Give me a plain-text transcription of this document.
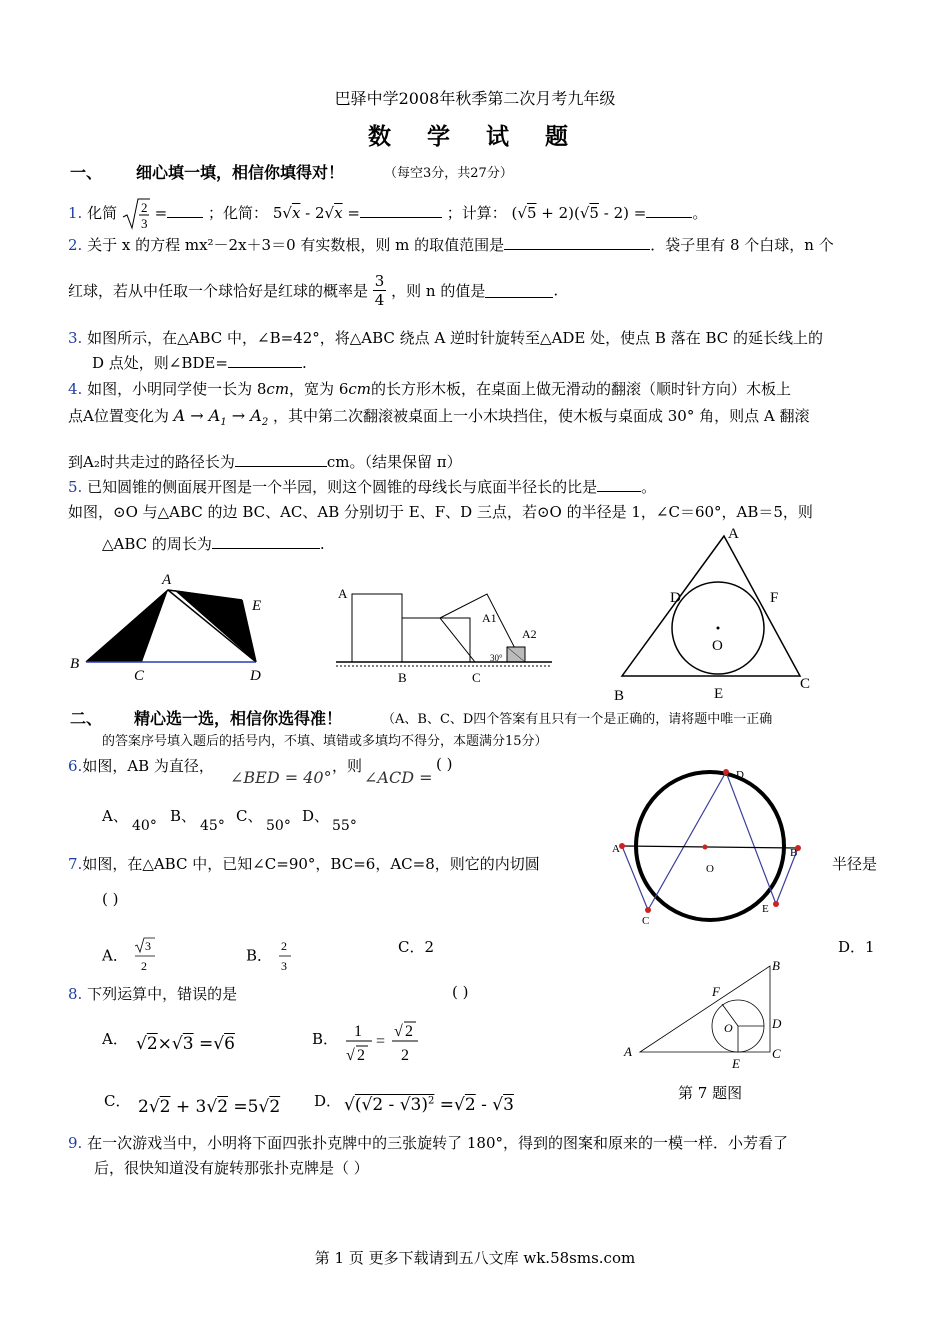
巴驿中学2008年秋季第二次月考九年级
数 学 试 题
一、 细心填一填，相信你填得对！	（每空3分，共27分）
1. 化简 2
3
=	；化简： 5√x - 2√x =	；计算： (√5 + 2)(√5 - 2) =	。
2. 关于 x 的方程 mx²－2x＋3＝0 有实数根，则 m 的取值范围是	．袋子里有 8 个白球，n 个
红球，若从中任取一个球恰好是红球的概率是 $\frac{3}{4}$ ，则 n 的值是	.
3. 如图所示，在△ABC 中，∠B=42°，将△ABC 绕点 A 逆时针旋转至△ADE 处，使点 B 落在 BC 的延长线上的
D 点处，则∠BDE=	.
4. 如图，小明同学使一长为 8cm，宽为 6cm的长方形木板，在桌面上做无滑动的翻滚（顺时针方向）木板上
点A位置变化为 $A \to A_1 \to A_2$ ，其中第二次翻滚被桌面上一小木块挡住，使木板与桌面成 30° 角，则点 A 翻滚
到A₂时共走过的路径长为	cm。（结果保留 π）
5. 已知圆锥的侧面展开图是一个半园，则这个圆锥的母线长与底面半径长的比是	。
如图，⊙O 与△ABC 的边 BC、AC、AB 分别切于 E、F、D 三点，若⊙O 的半径是 1，∠C＝60°，AB＝5，则
△ABC 的周长为	.
A
B
C	D
E
A
A1
A2
B	C
30°
A
B
C
D
E
F
O
二、 精心选一选，相信你选得准！	（A、B、C、D四个答案有且只有一个是正确的，请将题中唯一正确
的答案序号填入题后的括号内，不填、填错或多填均不得分，本题满分15分）
6.如图，AB 为直径，
∠BED = 40°
，则
∠ACD =
( )
A、
40°
B、
45°
C、
50°
D、
55°
A	B
C
D
E
O
7.如图，在△ABC 中，已知∠C=90°，BC=6，AC=8，则它的内切圆	半径是
( )
A．
3
2
B．
2
3
C．2	D．1
A
B
C
D
E
F
O
第 7 题图
8. 下列运算中，错误的是	( )
A． √2×√3 =√6	B． 1
√ 2
=
√ 2
2
C． 2√2 + 3√2 =5√2 D． √(√2 - √3)$^2$ =√2 - √3
9. 在一次游戏当中，小明将下面四张扑克牌中的三张旋转了 180°，得到的图案和原来的一模一样．小芳看了
后，很快知道没有旋转那张扑克牌是（ ）
第 1 页 更多下载请到五八文库 wk.58sms.com
